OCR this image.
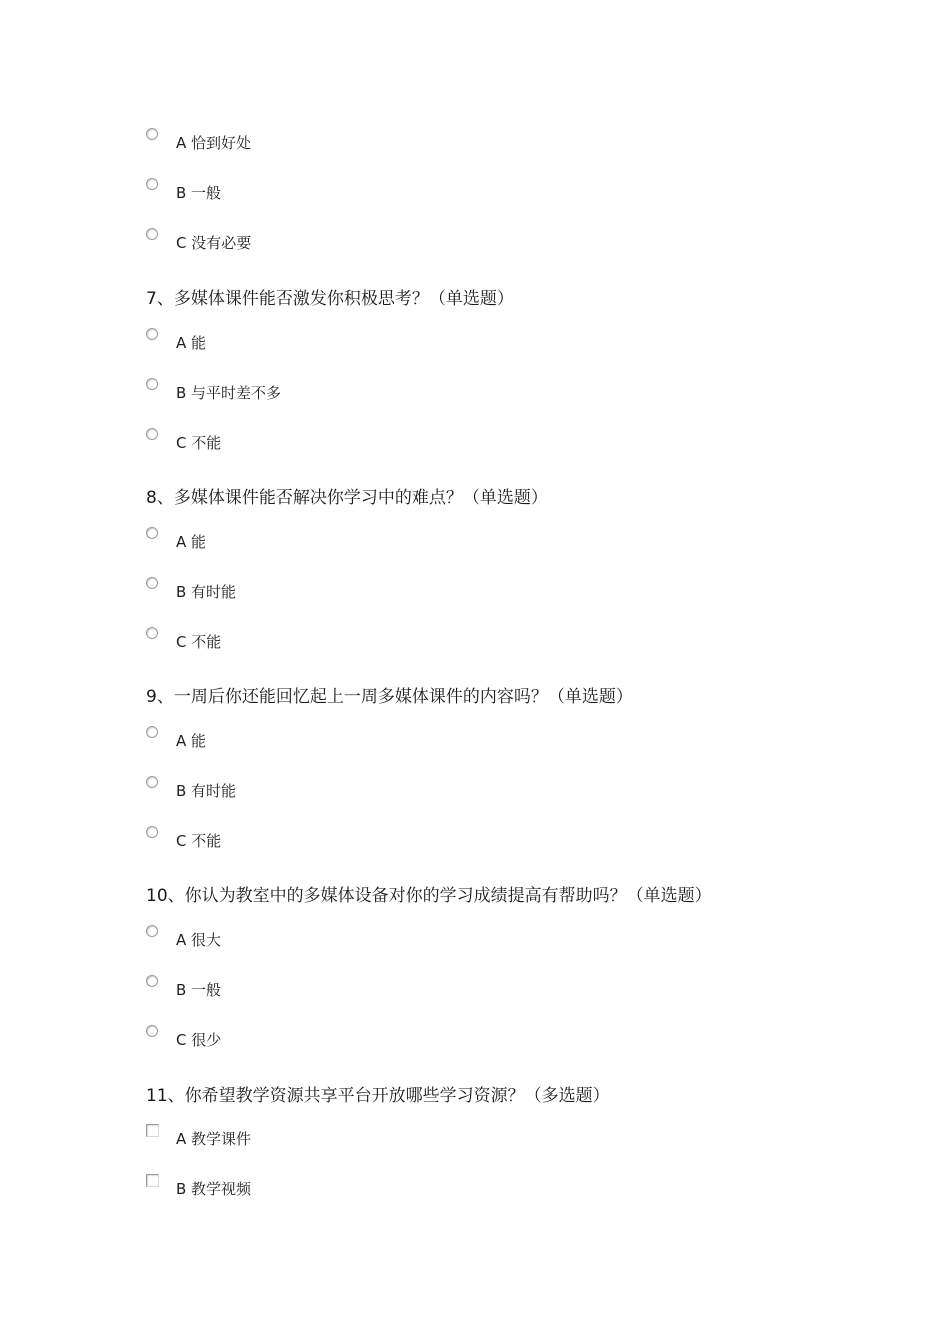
A 恰到好处
B 一般
C 没有必要
7、多媒体课件能否激发你积极思考？（单选题）
A 能
B 与平时差不多
C 不能
8、多媒体课件能否解决你学习中的难点？（单选题）
A 能
B 有时能
C 不能
9、一周后你还能回忆起上一周多媒体课件的内容吗？（单选题）
A 能
B 有时能
C 不能
10、你认为教室中的多媒体设备对你的学习成绩提高有帮助吗？（单选题）
A 很大
B 一般
C 很少
11、你希望教学资源共享平台开放哪些学习资源？（多选题）
A 教学课件
B 教学视频
